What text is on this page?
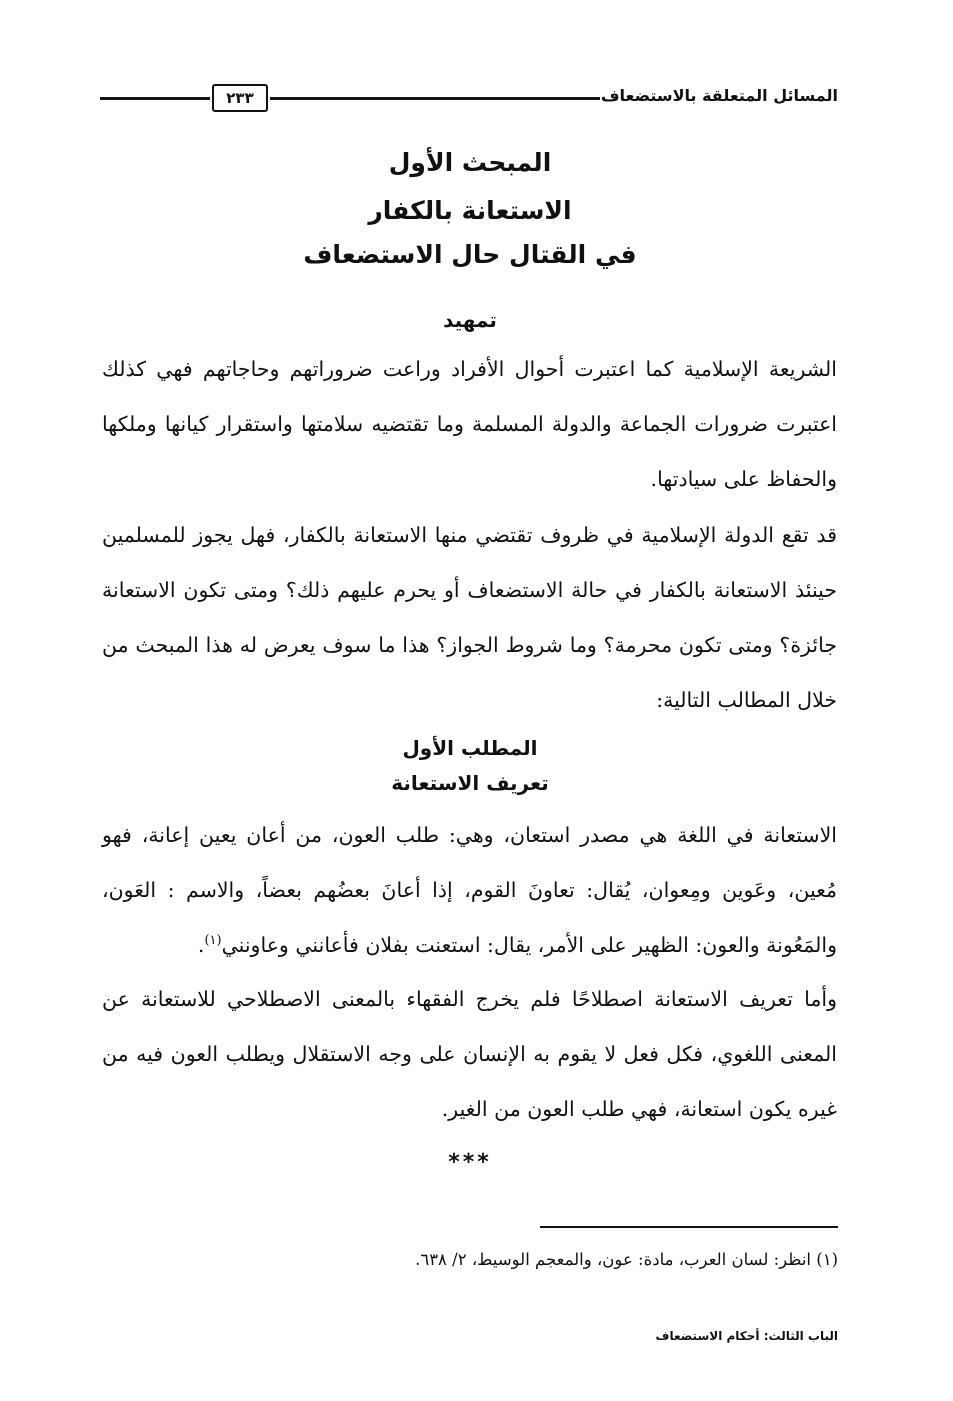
المسائل المتعلقة بالاستضعاف
٢٣٣
المبحث الأول
الاستعانة بالكفار
في القتال حال الاستضعاف
تمهيد

الشريعة الإسلامية كما اعتبرت أحوال الأفراد وراعت ضروراتهم وحاجاتهم فهي كذلك اعتبرت ضرورات الجماعة والدولة المسلمة وما تقتضيه سلامتها واستقرار كيانها وملكها والحفاظ على سيادتها.

قد تقع الدولة الإسلامية في ظروف تقتضي منها الاستعانة بالكفار، فهل يجوز للمسلمين حينئذ الاستعانة بالكفار في حالة الاستضعاف أو يحرم عليهم ذلك؟ ومتى تكون الاستعانة جائزة؟ ومتى تكون محرمة؟ وما شروط الجواز؟ هذا ما سوف يعرض له هذا المبحث من خلال المطالب التالية:

المطلب الأول
تعريف الاستعانة

الاستعانة في اللغة هي مصدر استعان، وهي: طلب العون، من أعان يعين إعانة، فهو مُعين، وعَوين ومِعوان، يُقال: تعاونَ القوم، إذا أعانَ بعضُهم بعضاً، والاسم : العَون، والمَعُونة والعون: الظهير على الأمر، يقال: استعنت بفلان فأعانني وعاونني$^{(١)}$.

وأما تعريف الاستعانة اصطلاحًا فلم يخرج الفقهاء بالمعنى الاصطلاحي للاستعانة عن المعنى اللغوي، فكل فعل لا يقوم به الإنسان على وجه الاستقلال ويطلب العون فيه من غيره يكون استعانة، فهي طلب العون من الغير.

***
(١) انظر: لسان العرب، مادة: عون، والمعجم الوسيط، ٢/ ٦٣٨.
الباب الثالث: أحكام الاستضعاف
